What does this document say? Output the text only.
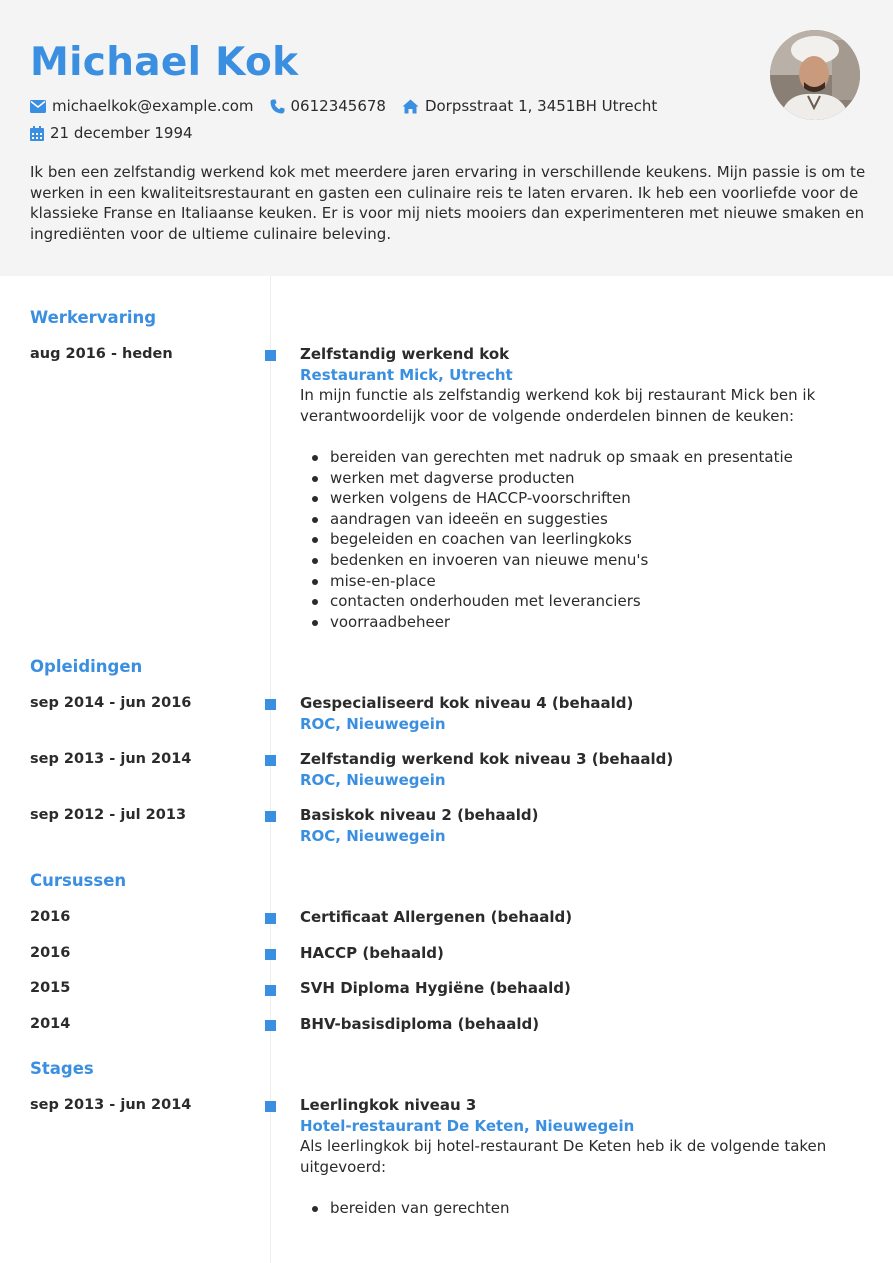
Michael Kok
michaelkok@example.com 0612345678	Dorpsstraat 1, 3451BH Utrecht
21 december 1994
Ik ben een zelfstandig werkend kok met meerdere jaren ervaring in verschillende keukens. Mijn passie is om te werken in een kwaliteitsrestaurant en gasten een culinaire reis te laten ervaren. Ik heb een voorliefde voor de klassieke Franse en Italiaanse keuken. Er is voor mij niets mooiers dan experimenteren met nieuwe smaken en ingrediënten voor de ultieme culinaire beleving.
Werkervaring
aug 2016 - heden	Zelfstandig werkend kok
Restaurant Mick, Utrecht
In mijn functie als zelfstandig werkend kok bij restaurant Mick ben ik verantwoordelijk voor de volgende onderdelen binnen de keuken:
bereiden van gerechten met nadruk op smaak en presentatie
werken met dagverse producten
werken volgens de HACCP-voorschriften
aandragen van ideeën en suggesties
begeleiden en coachen van leerlingkoks
bedenken en invoeren van nieuwe menu's
mise-en-place
contacten onderhouden met leveranciers
voorraadbeheer
Opleidingen
sep 2014 - jun 2016	Gespecialiseerd kok niveau 4 (behaald)
ROC, Nieuwegein
sep 2013 - jun 2014	Zelfstandig werkend kok niveau 3 (behaald)
ROC, Nieuwegein
sep 2012 - jul 2013	Basiskok niveau 2 (behaald)
ROC, Nieuwegein
Cursussen
2016	Certificaat Allergenen (behaald)
2016	HACCP (behaald)
2015	SVH Diploma Hygiëne (behaald)
2014	BHV-basisdiploma (behaald)
Stages
sep 2013 - jun 2014	Leerlingkok niveau 3
Hotel-restaurant De Keten, Nieuwegein
Als leerlingkok bij hotel-restaurant De Keten heb ik de volgende taken uitgevoerd:
bereiden van gerechten
